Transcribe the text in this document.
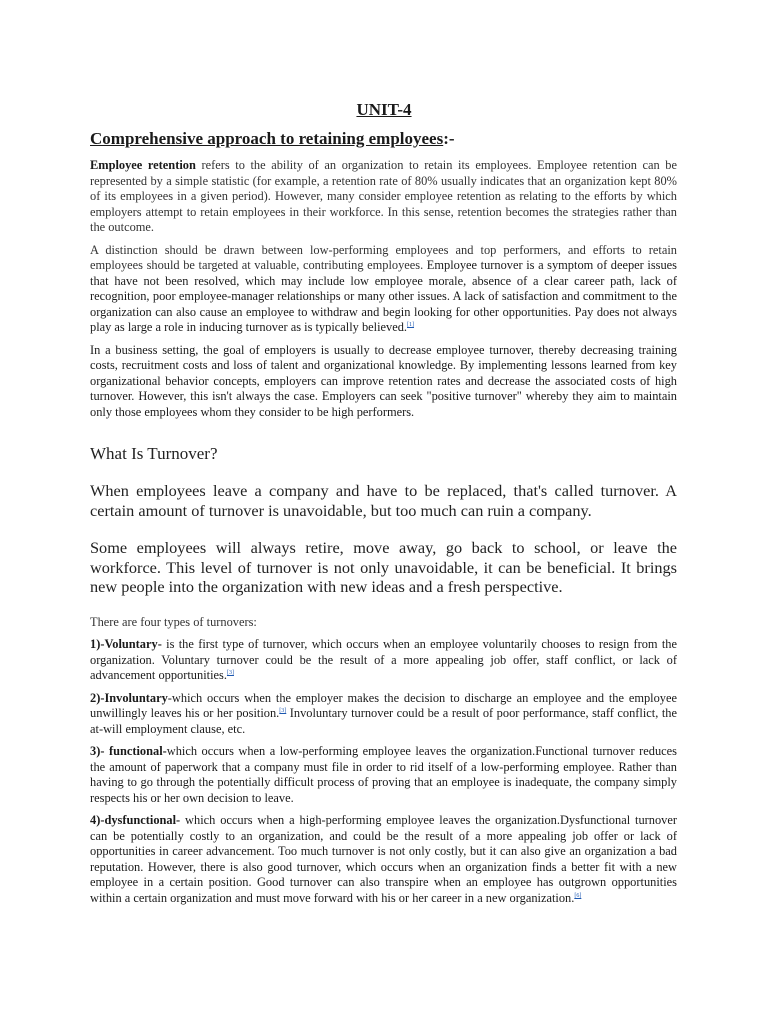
UNIT-4
Comprehensive approach to retaining employees:-

Employee retention refers to the ability of an organization to retain its employees. Employee retention can be represented by a simple statistic (for example, a retention rate of 80% usually indicates that an organization kept 80% of its employees in a given period). However, many consider employee retention as relating to the efforts by which employers attempt to retain employees in their workforce. In this sense, retention becomes the strategies rather than the outcome.

A distinction should be drawn between low-performing employees and top performers, and efforts to retain employees should be targeted at valuable, contributing employees. Employee turnover is a symptom of deeper issues that have not been resolved, which may include low employee morale, absence of a clear career path, lack of recognition, poor employee-manager relationships or many other issues. A lack of satisfaction and commitment to the organization can also cause an employee to withdraw and begin looking for other opportunities. Pay does not always play as large a role in inducing turnover as is typically believed.[1]

In a business setting, the goal of employers is usually to decrease employee turnover, thereby decreasing training costs, recruitment costs and loss of talent and organizational knowledge. By implementing lessons learned from key organizational behavior concepts, employers can improve retention rates and decrease the associated costs of high turnover. However, this isn't always the case. Employers can seek "positive turnover" whereby they aim to maintain only those employees whom they consider to be high performers.

What Is Turnover?

When employees leave a company and have to be replaced, that's called turnover. A certain amount of turnover is unavoidable, but too much can ruin a company.

Some employees will always retire, move away, go back to school, or leave the workforce. This level of turnover is not only unavoidable, it can be beneficial. It brings new people into the organization with new ideas and a fresh perspective.

There are four types of turnovers:

1)-Voluntary- is the first type of turnover, which occurs when an employee voluntarily chooses to resign from the organization. Voluntary turnover could be the result of a more appealing job offer, staff conflict, or lack of advancement opportunities.[3]

2)-Involuntary-which occurs when the employer makes the decision to discharge an employee and the employee unwillingly leaves his or her position.[3] Involuntary turnover could be a result of poor performance, staff conflict, the at-will employment clause, etc.

3)- functional-which occurs when a low-performing employee leaves the organization.Functional turnover reduces the amount of paperwork that a company must file in order to rid itself of a low-performing employee. Rather than having to go through the potentially difficult process of proving that an employee is inadequate, the company simply respects his or her own decision to leave.

4)-dysfunctional- which occurs when a high-performing employee leaves the organization.Dysfunctional turnover can be potentially costly to an organization, and could be the result of a more appealing job offer or lack of opportunities in career advancement. Too much turnover is not only costly, but it can also give an organization a bad reputation. However, there is also good turnover, which occurs when an organization finds a better fit with a new employee in a certain position. Good turnover can also transpire when an employee has outgrown opportunities within a certain organization and must move forward with his or her career in a new organization.[6]
